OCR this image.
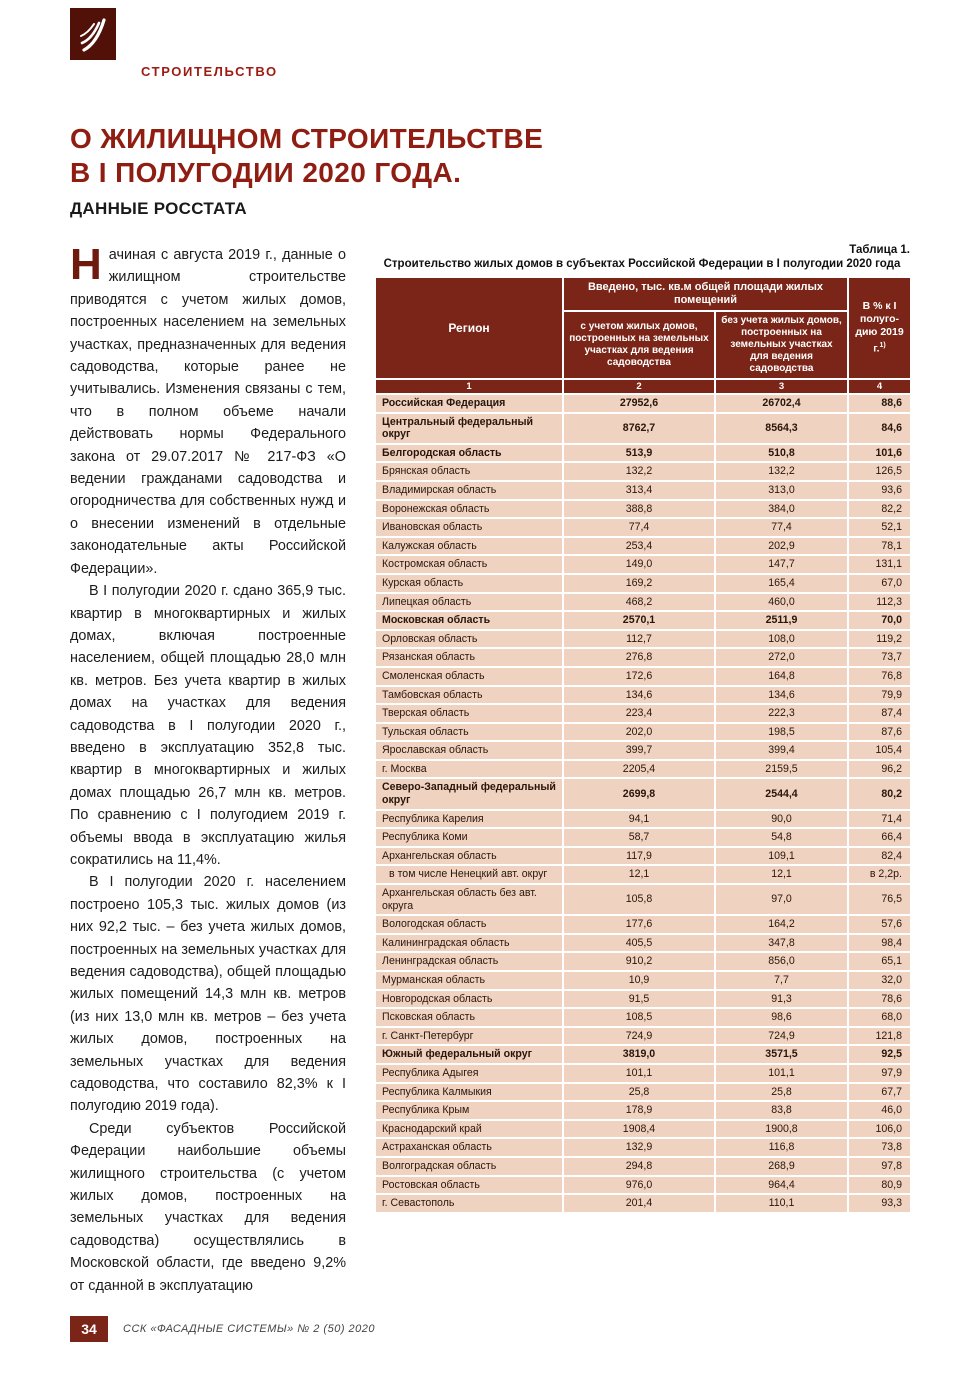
СТРОИТЕЛЬСТВО
О ЖИЛИЩНОМ СТРОИТЕЛЬСТВЕ
В I ПОЛУГОДИИ 2020 ГОДА.
ДАННЫЕ РОССТАТА

Начиная с августа 2019 г., данные о жилищном строительстве приводятся с учетом жилых домов, построенных населением на земельных участках, предназначенных для ведения садоводства, которые ранее не учитывались. Изменения связаны с тем, что в полном объеме начали действовать нормы Федерального закона от 29.07.2017 № 217-ФЗ «О ведении гражданами садоводства и огородничества для собственных нужд и о внесении изменений в отдельные законодательные акты Российской Федерации».

В I полугодии 2020 г. сдано 365,9 тыс. квартир в многоквартирных и жилых домах, включая построенные населением, общей площадью 28,0 млн кв. метров. Без учета квартир в жилых домах на участках для ведения садоводства в I полугодии 2020 г., введено в эксплуатацию 352,8 тыс. квартир в многоквартирных и жилых домах площадью 26,7 млн кв. метров. По сравнению с I полугодием 2019 г. объемы ввода в эксплуатацию жилья сократились на 11,4%.

В I полугодии 2020 г. населением построено 105,3 тыс. жилых домов (из них 92,2 тыс. – без учета жилых домов, построенных на земельных участках для ведения садоводства), общей площадью жилых помещений 14,3 млн кв. метров (из них 13,0 млн кв. метров – без учета жилых домов, построенных на земельных участках для ведения садоводства, что составило 82,3% к I полугодию 2019 года).

Среди субъектов Российской Федерации наибольшие объемы жилищного строительства (с учетом жилых домов, построенных на земельных участках для ведения садоводства) осуществлялись в Московской области, где введено 9,2% от сданной в эксплуатацию

Таблица 1.
Строительство жилых домов в субъектах Российской Федерации в I полугодии 2020 года
Регион	Введено, тыс. кв.м общей площади жилых помещений		В % к I полугодию 2019 г.$^{1)}$
	с учетом жилых домов, построенных на земельных участках для ведения садоводства	без учета жилых домов, построенных на земельных участках для ведения садоводства	
1	2	3	4
Российская Федерация	27952,6	26702,4	88,6
Центральный федеральный округ	8762,7	8564,3	84,6
Белгородская область	513,9	510,8	101,6
Брянская область	132,2	132,2	126,5
Владимирская область	313,4	313,0	93,6
Воронежская область	388,8	384,0	82,2
Ивановская область	77,4	77,4	52,1
Калужская область	253,4	202,9	78,1
Костромская область	149,0	147,7	131,1
Курская область	169,2	165,4	67,0
Липецкая область	468,2	460,0	112,3
Московская область	2570,1	2511,9	70,0
Орловская область	112,7	108,0	119,2
Рязанская область	276,8	272,0	73,7
Смоленская область	172,6	164,8	76,8
Тамбовская область	134,6	134,6	79,9
Тверская область	223,4	222,3	87,4
Тульская область	202,0	198,5	87,6
Ярославская область	399,7	399,4	105,4
г. Москва	2205,4	2159,5	96,2
Северо-Западный федеральный округ	2699,8	2544,4	80,2
Республика Карелия	94,1	90,0	71,4
Республика Коми	58,7	54,8	66,4
Архангельская область	117,9	109,1	82,4
в том числе Ненецкий авт. округ	12,1	12,1	в 2,2р.
Архангельская область без авт. округа	105,8	97,0	76,5
Вологодская область	177,6	164,2	57,6
Калининградская область	405,5	347,8	98,4
Ленинградская область	910,2	856,0	65,1
Мурманская область	10,9	7,7	32,0
Новгородская область	91,5	91,3	78,6
Псковская область	108,5	98,6	68,0
г. Санкт-Петербург	724,9	724,9	121,8
Южный федеральный округ	3819,0	3571,5	92,5
Республика Адыгея	101,1	101,1	97,9
Республика Калмыкия	25,8	25,8	67,7
Республика Крым	178,9	83,8	46,0
Краснодарский край	1908,4	1900,8	106,0
Астраханская область	132,9	116,8	73,8
Волгоградская область	294,8	268,9	97,8
Ростовская область	976,0	964,4	80,9
г. Севастополь	201,4	110,1	93,3
34	ССК «ФАСАДНЫЕ СИСТЕМЫ» № 2 (50) 2020
